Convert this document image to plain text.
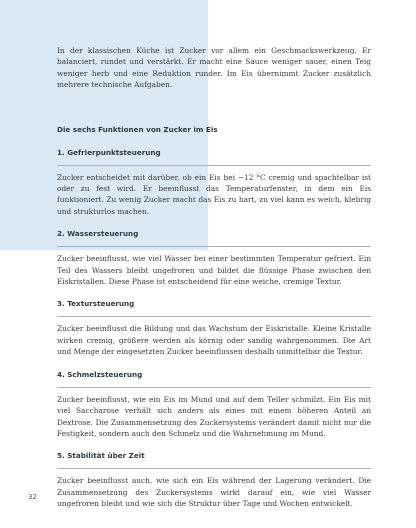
In der klassischen Küche ist Zucker vor allem ein Geschmackswerkzeug. Er balanciert, rundet und verstärkt. Er macht eine Sauce weniger sauer, einen Teig weniger herb und eine Reduktion runder. Im Eis übernimmt Zucker zusätzlich mehrere technische Aufgaben.

Die sechs Funktionen von Zucker im Eis
1. Gefrierpunktsteuerung

Zucker entscheidet mit darüber, ob ein Eis bei −12 °C cremig und spachtelbar ist oder zu fest wird. Er beeinflusst das Temperaturfenster, in dem ein Eis funktioniert. Zu wenig Zucker macht das Eis zu hart, zu viel kann es weich, klebrig und strukturlos machen.

2. Wassersteuerung

Zucker beeinflusst, wie viel Wasser bei einer bestimmten Temperatur gefriert. Ein Teil des Wassers bleibt ungefroren und bildet die flüssige Phase zwischen den Eiskristallen. Diese Phase ist entscheidend für eine weiche, cremige Textur.

3. Textursteuerung

Zucker beeinflusst die Bildung und das Wachstum der Eiskristalle. Kleine Kristalle wirken cremig, größere werden als körnig oder sandig wahrgenommen. Die Art und Menge der eingesetzten Zucker beeinflussen deshalb unmittelbar die Textur.

4. Schmelzsteuerung

Zucker beeinflusst, wie ein Eis im Mund und auf dem Teller schmilzt. Ein Eis mit viel Saccharose verhält sich anders als eines mit einem höheren Anteil an Dextrose. Die Zusammensetzung des Zuckersystems verändert damit nicht nur die Festigkeit, sondern auch den Schmelz und die Wahrnehmung im Mund.

5. Stabilität über Zeit

Zucker beeinflusst auch, wie sich ein Eis während der Lagerung verändert. Die Zusammensetzung des Zuckersystems wirkt darauf ein, wie viel Wasser ungefroren bleibt und wie sich die Struktur über Tage und Wochen entwickelt.

32
